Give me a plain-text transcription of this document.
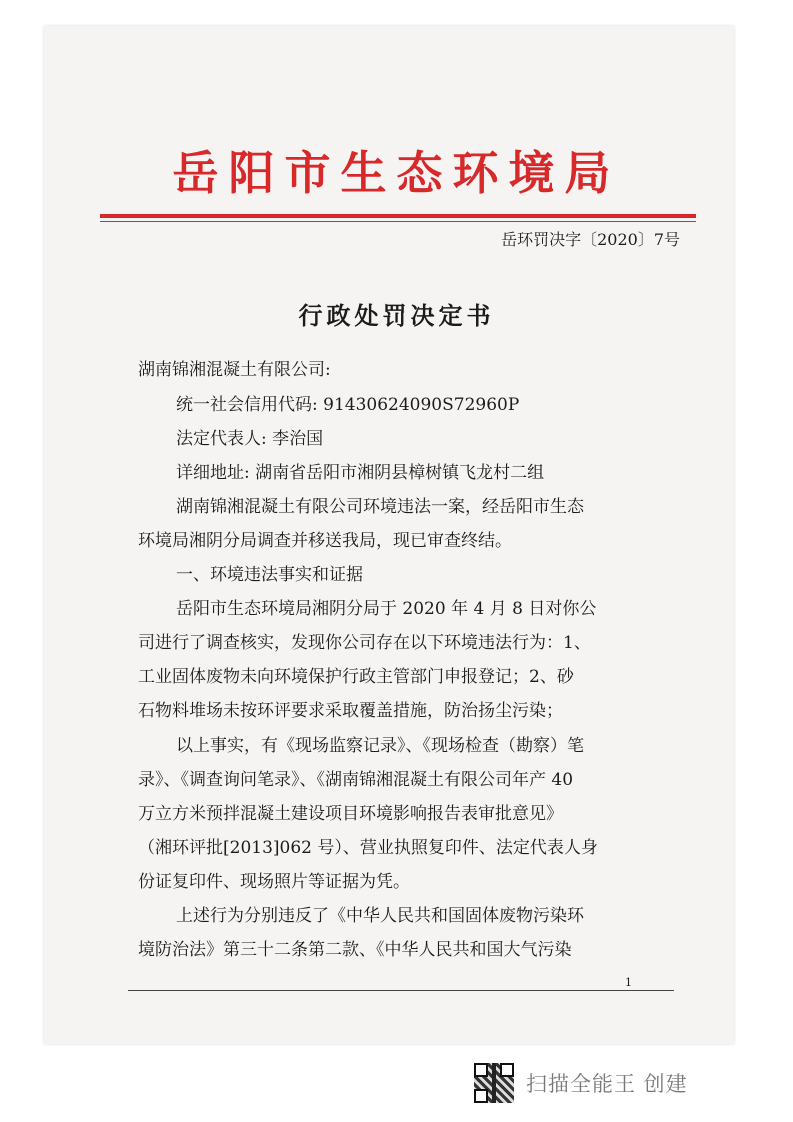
岳阳市生态环境局
岳环罚决字〔2020〕7号
行政处罚决定书
湖南锦湘混凝土有限公司:
统一社会信用代码: 91430624090S72960P
法定代表人: 李治国
详细地址: 湖南省岳阳市湘阴县樟树镇飞龙村二组
湖南锦湘混凝土有限公司环境违法一案，经岳阳市生态
环境局湘阴分局调查并移送我局，现已审查终结。
一、环境违法事实和证据
岳阳市生态环境局湘阴分局于 2020 年 4 月 8 日对你公
司进行了调查核实，发现你公司存在以下环境违法行为：1、
工业固体废物未向环境保护行政主管部门申报登记；2、砂
石物料堆场未按环评要求采取覆盖措施，防治扬尘污染；
以上事实，有《现场监察记录》、《现场检查（勘察）笔
录》、《调查询问笔录》、《湖南锦湘混凝土有限公司年产 40
万立方米预拌混凝土建设项目环境影响报告表审批意见》
（湘环评批[2013]062 号）、营业执照复印件、法定代表人身
份证复印件、现场照片等证据为凭。
上述行为分别违反了《中华人民共和国固体废物污染环
境防治法》第三十二条第二款、《中华人民共和国大气污染
1
扫描全能王 创建
